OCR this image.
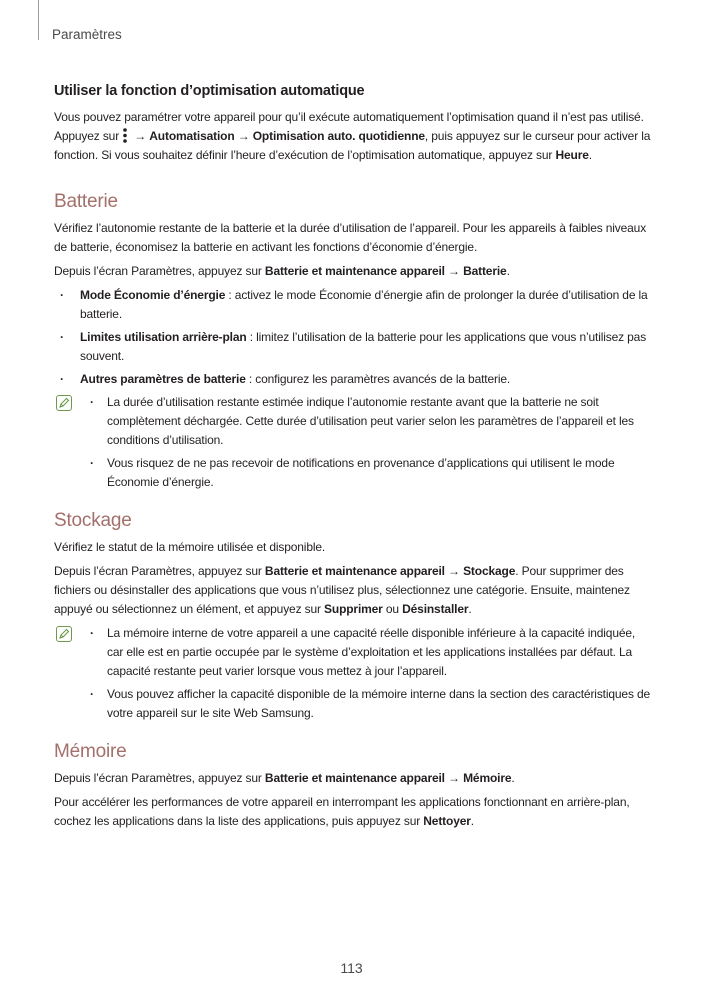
Paramètres
Utiliser la fonction d’optimisation automatique

Vous pouvez paramétrer votre appareil pour qu’il exécute automatiquement l’optimisation quand il n’est pas utilisé. Appuyez sur → Automatisation → Optimisation auto. quotidienne, puis appuyez sur le curseur pour activer la fonction. Si vous souhaitez définir l’heure d’exécution de l’optimisation automatique, appuyez sur Heure.

Batterie

Vérifiez l’autonomie restante de la batterie et la durée d’utilisation de l’appareil. Pour les appareils à faibles niveaux de batterie, économisez la batterie en activant les fonctions d’économie d’énergie.

Depuis l’écran Paramètres, appuyez sur Batterie et maintenance appareil → Batterie.

· Mode Économie d’énergie : activez le mode Économie d’énergie afin de prolonger la durée d’utilisation de la batterie.
· Limites utilisation arrière-plan : limitez l’utilisation de la batterie pour les applications que vous n’utilisez pas souvent.
· Autres paramètres de batterie : configurez les paramètres avancés de la batterie.
· La durée d’utilisation restante estimée indique l’autonomie restante avant que la batterie ne soit complètement déchargée. Cette durée d’utilisation peut varier selon les paramètres de l’appareil et les conditions d’utilisation.
· Vous risquez de ne pas recevoir de notifications en provenance d’applications qui utilisent le mode Économie d’énergie.
Stockage

Vérifiez le statut de la mémoire utilisée et disponible.

Depuis l’écran Paramètres, appuyez sur Batterie et maintenance appareil → Stockage. Pour supprimer des fichiers ou désinstaller des applications que vous n’utilisez plus, sélectionnez une catégorie. Ensuite, maintenez appuyé ou sélectionnez un élément, et appuyez sur Supprimer ou Désinstaller.

· La mémoire interne de votre appareil a une capacité réelle disponible inférieure à la capacité indiquée, car elle est en partie occupée par le système d’exploitation et les applications installées par défaut. La capacité restante peut varier lorsque vous mettez à jour l’appareil.
· Vous pouvez afficher la capacité disponible de la mémoire interne dans la section des caractéristiques de votre appareil sur le site Web Samsung.
Mémoire

Depuis l’écran Paramètres, appuyez sur Batterie et maintenance appareil → Mémoire.

Pour accélérer les performances de votre appareil en interrompant les applications fonctionnant en arrière-plan, cochez les applications dans la liste des applications, puis appuyez sur Nettoyer.

113
